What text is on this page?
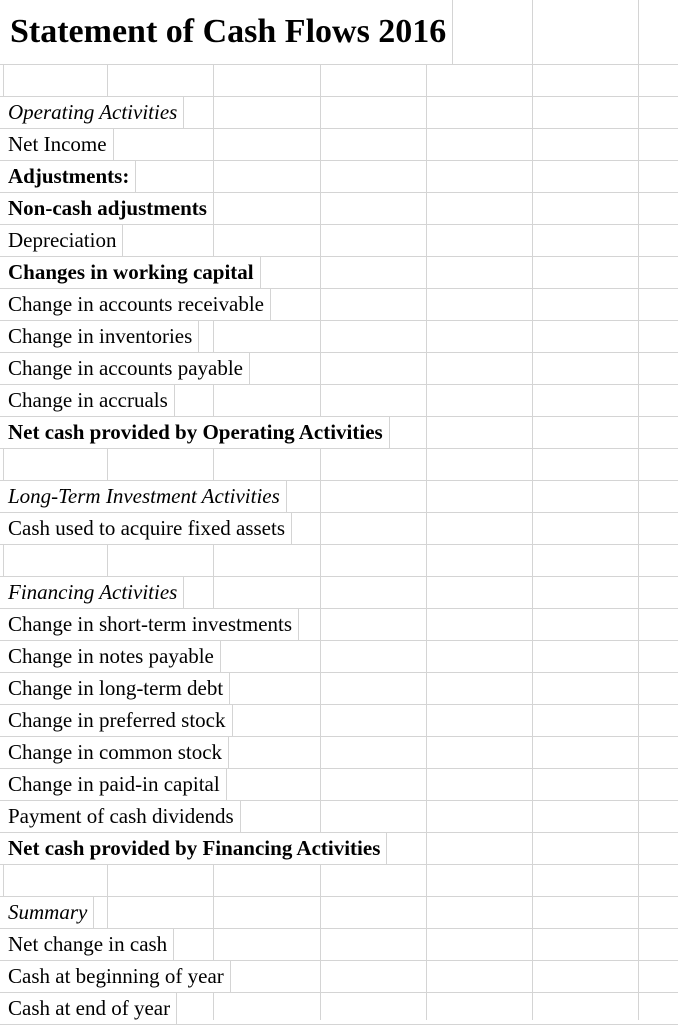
Statement of Cash Flows 2016
Operating Activities
Net Income
Adjustments:
Non-cash adjustments
Depreciation
Changes in working capital
Change in accounts receivable
Change in inventories
Change in accounts payable
Change in accruals
Net cash provided by Operating Activities
Long-Term Investment Activities
Cash used to acquire fixed assets
Financing Activities
Change in short-term investments
Change in notes payable
Change in long-term debt
Change in preferred stock
Change in common stock
Change in paid-in capital
Payment of cash dividends
Net cash provided by Financing Activities
Summary
Net change in cash
Cash at beginning of year
Cash at end of year
